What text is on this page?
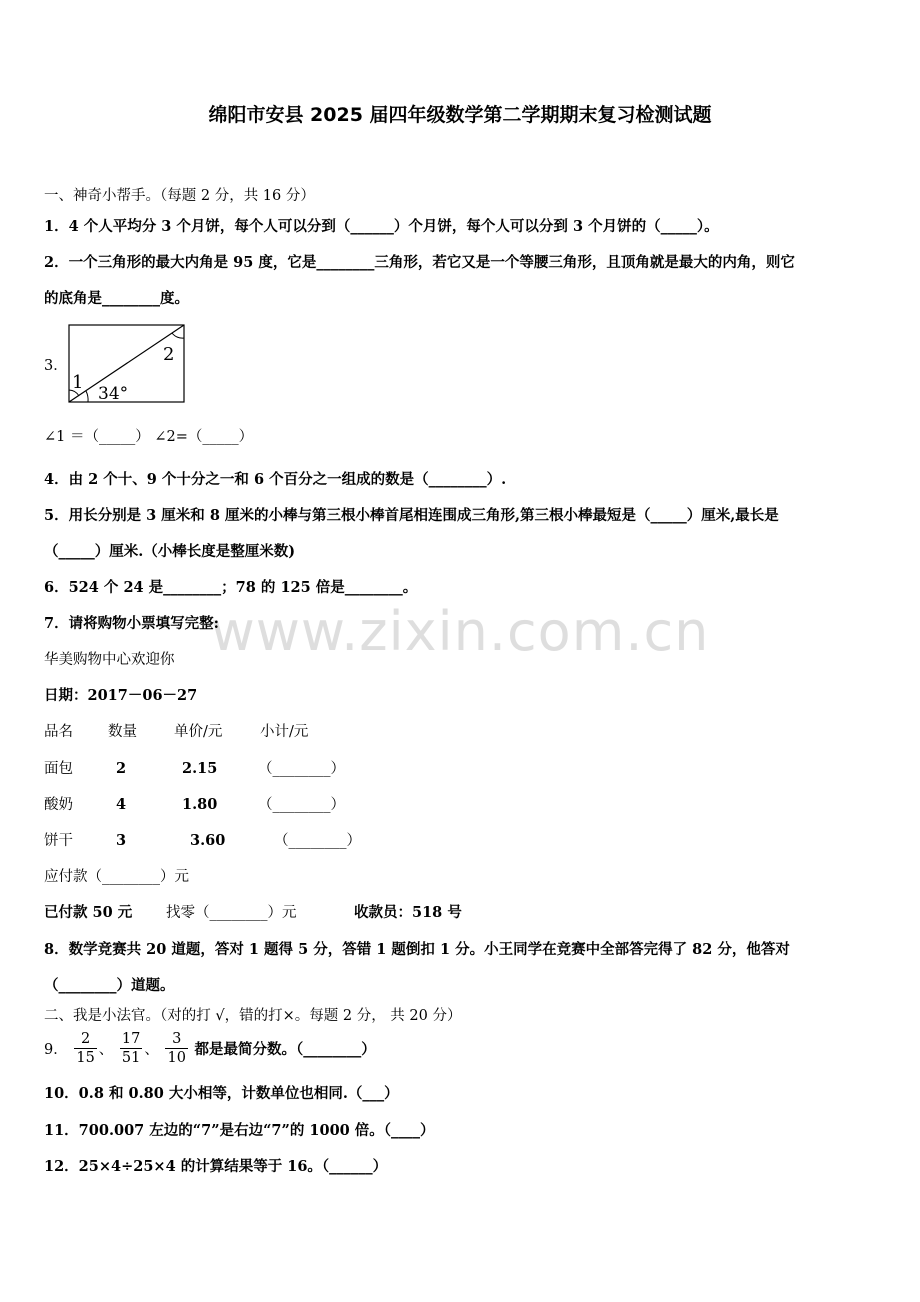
www.zixin.com.cn
绵阳市安县 2025 届四年级数学第二学期期末复习检测试题
一、神奇小帮手。（每题 2 分，共 16 分）
1．4 个人平均分 3 个月饼，每个人可以分到（______）个月饼，每个人可以分到 3 个月饼的（_____）。
2．一个三角形的最大内角是 95 度，它是________三角形，若它又是一个等腰三角形，且顶角就是最大的内角，则它
的底角是________度。
3．
1
2
34°
∠1 ＝（_____） ∠2=（_____）
4．由 2 个十、9 个十分之一和 6 个百分之一组成的数是（________）.
5．用长分别是 3 厘米和 8 厘米的小棒与第三根小棒首尾相连围成三角形,第三根小棒最短是（_____）厘米,最长是
（_____）厘米.（小棒长度是整厘米数)
6．524 个 24 是________；78 的 125 倍是________。
7．请将购物小票填写完整:
华美购物中心欢迎你
日期：2017－06－27
品名 数量	单价/元	小计/元
面包	2	2.15	（________）
酸奶	4	1.80	（________）
饼干	3	3.60	（________）
应付款（________）元
已付款 50 元 找零（________）元	收款员：518 号
8．数学竞赛共 20 道题，答对 1 题得 5 分，答错 1 题倒扣 1 分。小王同学在竞赛中全部答完得了 82 分，他答对
（________）道题。
二、我是小法官。（对的打 √，错的打×。每题 2 分， 共 20 分）
9． $\frac{2}{15}$ 、 $\frac{17}{51}$ 、 $\frac{3}{10}$ 都是最简分数。（________）
10．0.8 和 0.80 大小相等，计数单位也相同.（___）
11．700.007 左边的“7”是右边“7”的 1000 倍。（____）
12．25×4÷25×4 的计算结果等于 16。（______）
